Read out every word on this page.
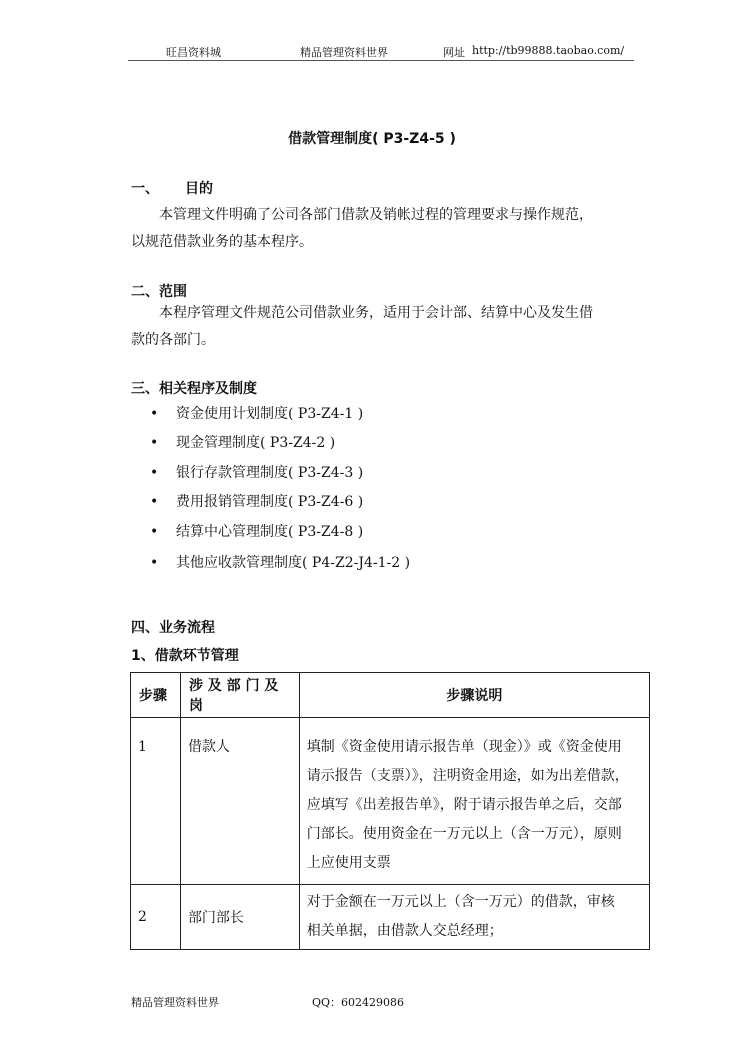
旺昌资料城	精品管理资料世界	网址 http://tb99888.taobao.com/
借款管理制度( P3-Z4-5 )
一、 目的
本管理文件明确了公司各部门借款及销帐过程的管理要求与操作规范，
以规范借款业务的基本程序。
二、范围
本程序管理文件规范公司借款业务，适用于会计部、结算中心及发生借
款的各部门。
三、相关程序及制度
• 资金使用计划制度( P3-Z4-1 )
• 现金管理制度( P3-Z4-2 )
• 银行存款管理制度( P3-Z4-3 )
• 费用报销管理制度( P3-Z4-6 )
• 结算中心管理制度( P3-Z4-8 )
• 其他应收款管理制度( P4-Z2-J4-1-2 )
四、业务流程
1、借款环节管理
步骤	涉 及 部 门 及 岗	步骤说明
1	借款人	填制《资金使用请示报告单（现金）》或《资金使用
请示报告（支票）》，注明资金用途，如为出差借款，
应填写《出差报告单》，附于请示报告单之后，交部
门部长。使用资金在一万元以上（含一万元），原则
上应使用支票

2	部门部长	对于金额在一万元以上（含一万元）的借款，审核
相关单据，由借款人交总经理；
精品管理资料世界	QQ：602429086
